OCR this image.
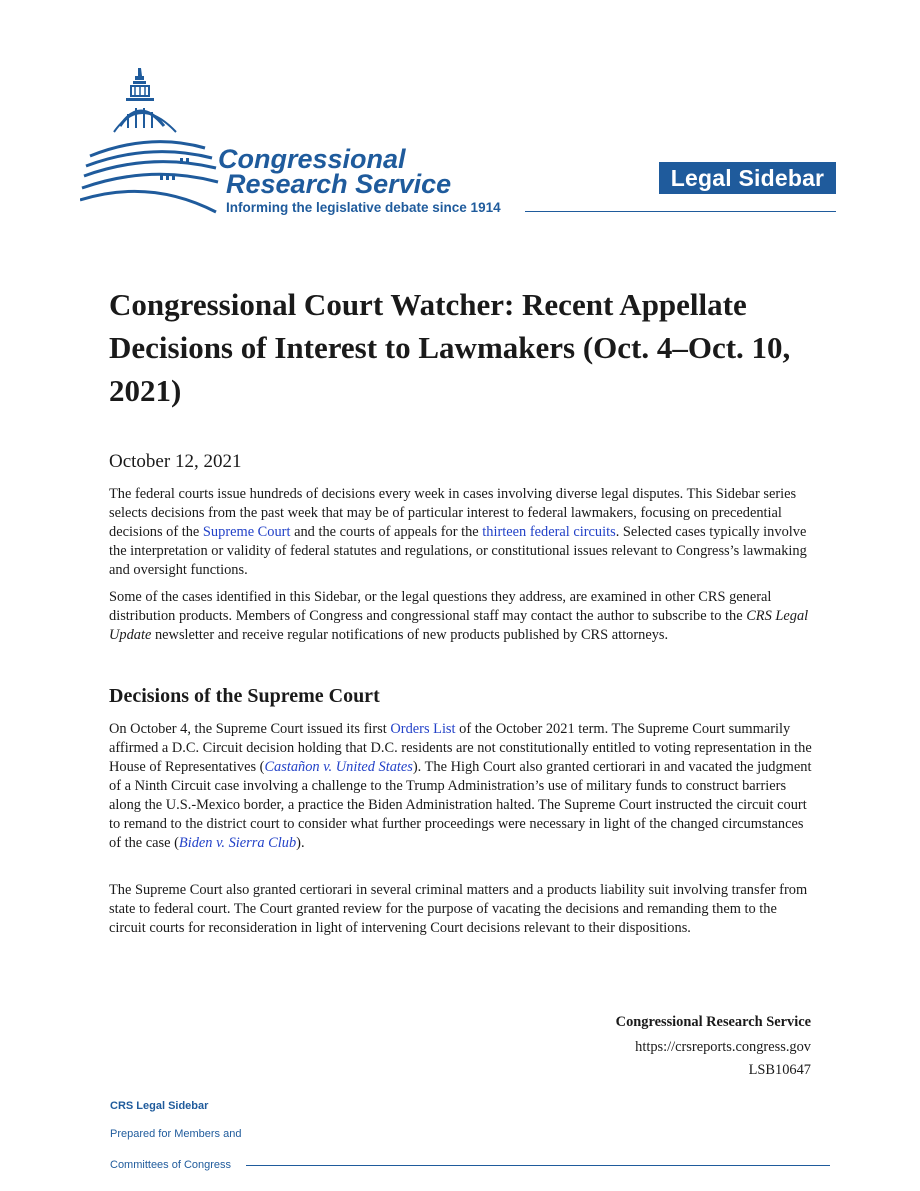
Congressional
Research Service
Informing the legislative debate since 1914
Legal Sidebar
Congressional Court Watcher: Recent Appellate Decisions of Interest to Lawmakers (Oct. 4–Oct. 10, 2021)
October 12, 2021

The federal courts issue hundreds of decisions every week in cases involving diverse legal disputes. This Sidebar series selects decisions from the past week that may be of particular interest to federal lawmakers, focusing on precedential decisions of the Supreme Court and the courts of appeals for the thirteen federal circuits. Selected cases typically involve the interpretation or validity of federal statutes and regulations, or constitutional issues relevant to Congress’s lawmaking and oversight functions.

Some of the cases identified in this Sidebar, or the legal questions they address, are examined in other CRS general distribution products. Members of Congress and congressional staff may contact the author to subscribe to the CRS Legal Update newsletter and receive regular notifications of new products published by CRS attorneys.

Decisions of the Supreme Court

On October 4, the Supreme Court issued its first Orders List of the October 2021 term. The Supreme Court summarily affirmed a D.C. Circuit decision holding that D.C. residents are not constitutionally entitled to voting representation in the House of Representatives (Castañon v. United States). The High Court also granted certiorari in and vacated the judgment of a Ninth Circuit case involving a challenge to the Trump Administration’s use of military funds to construct barriers along the U.S.-Mexico border, a practice the Biden Administration halted. The Supreme Court instructed the circuit court to remand to the district court to consider what further proceedings were necessary in light of the changed circumstances of the case (Biden v. Sierra Club).

The Supreme Court also granted certiorari in several criminal matters and a products liability suit involving transfer from state to federal court. The Court granted review for the purpose of vacating the decisions and remanding them to the circuit courts for reconsideration in light of intervening Court decisions relevant to their dispositions.

Congressional Research Service
https://crsreports.congress.gov
LSB10647
CRS Legal Sidebar
Prepared for Members and
Committees of Congress
